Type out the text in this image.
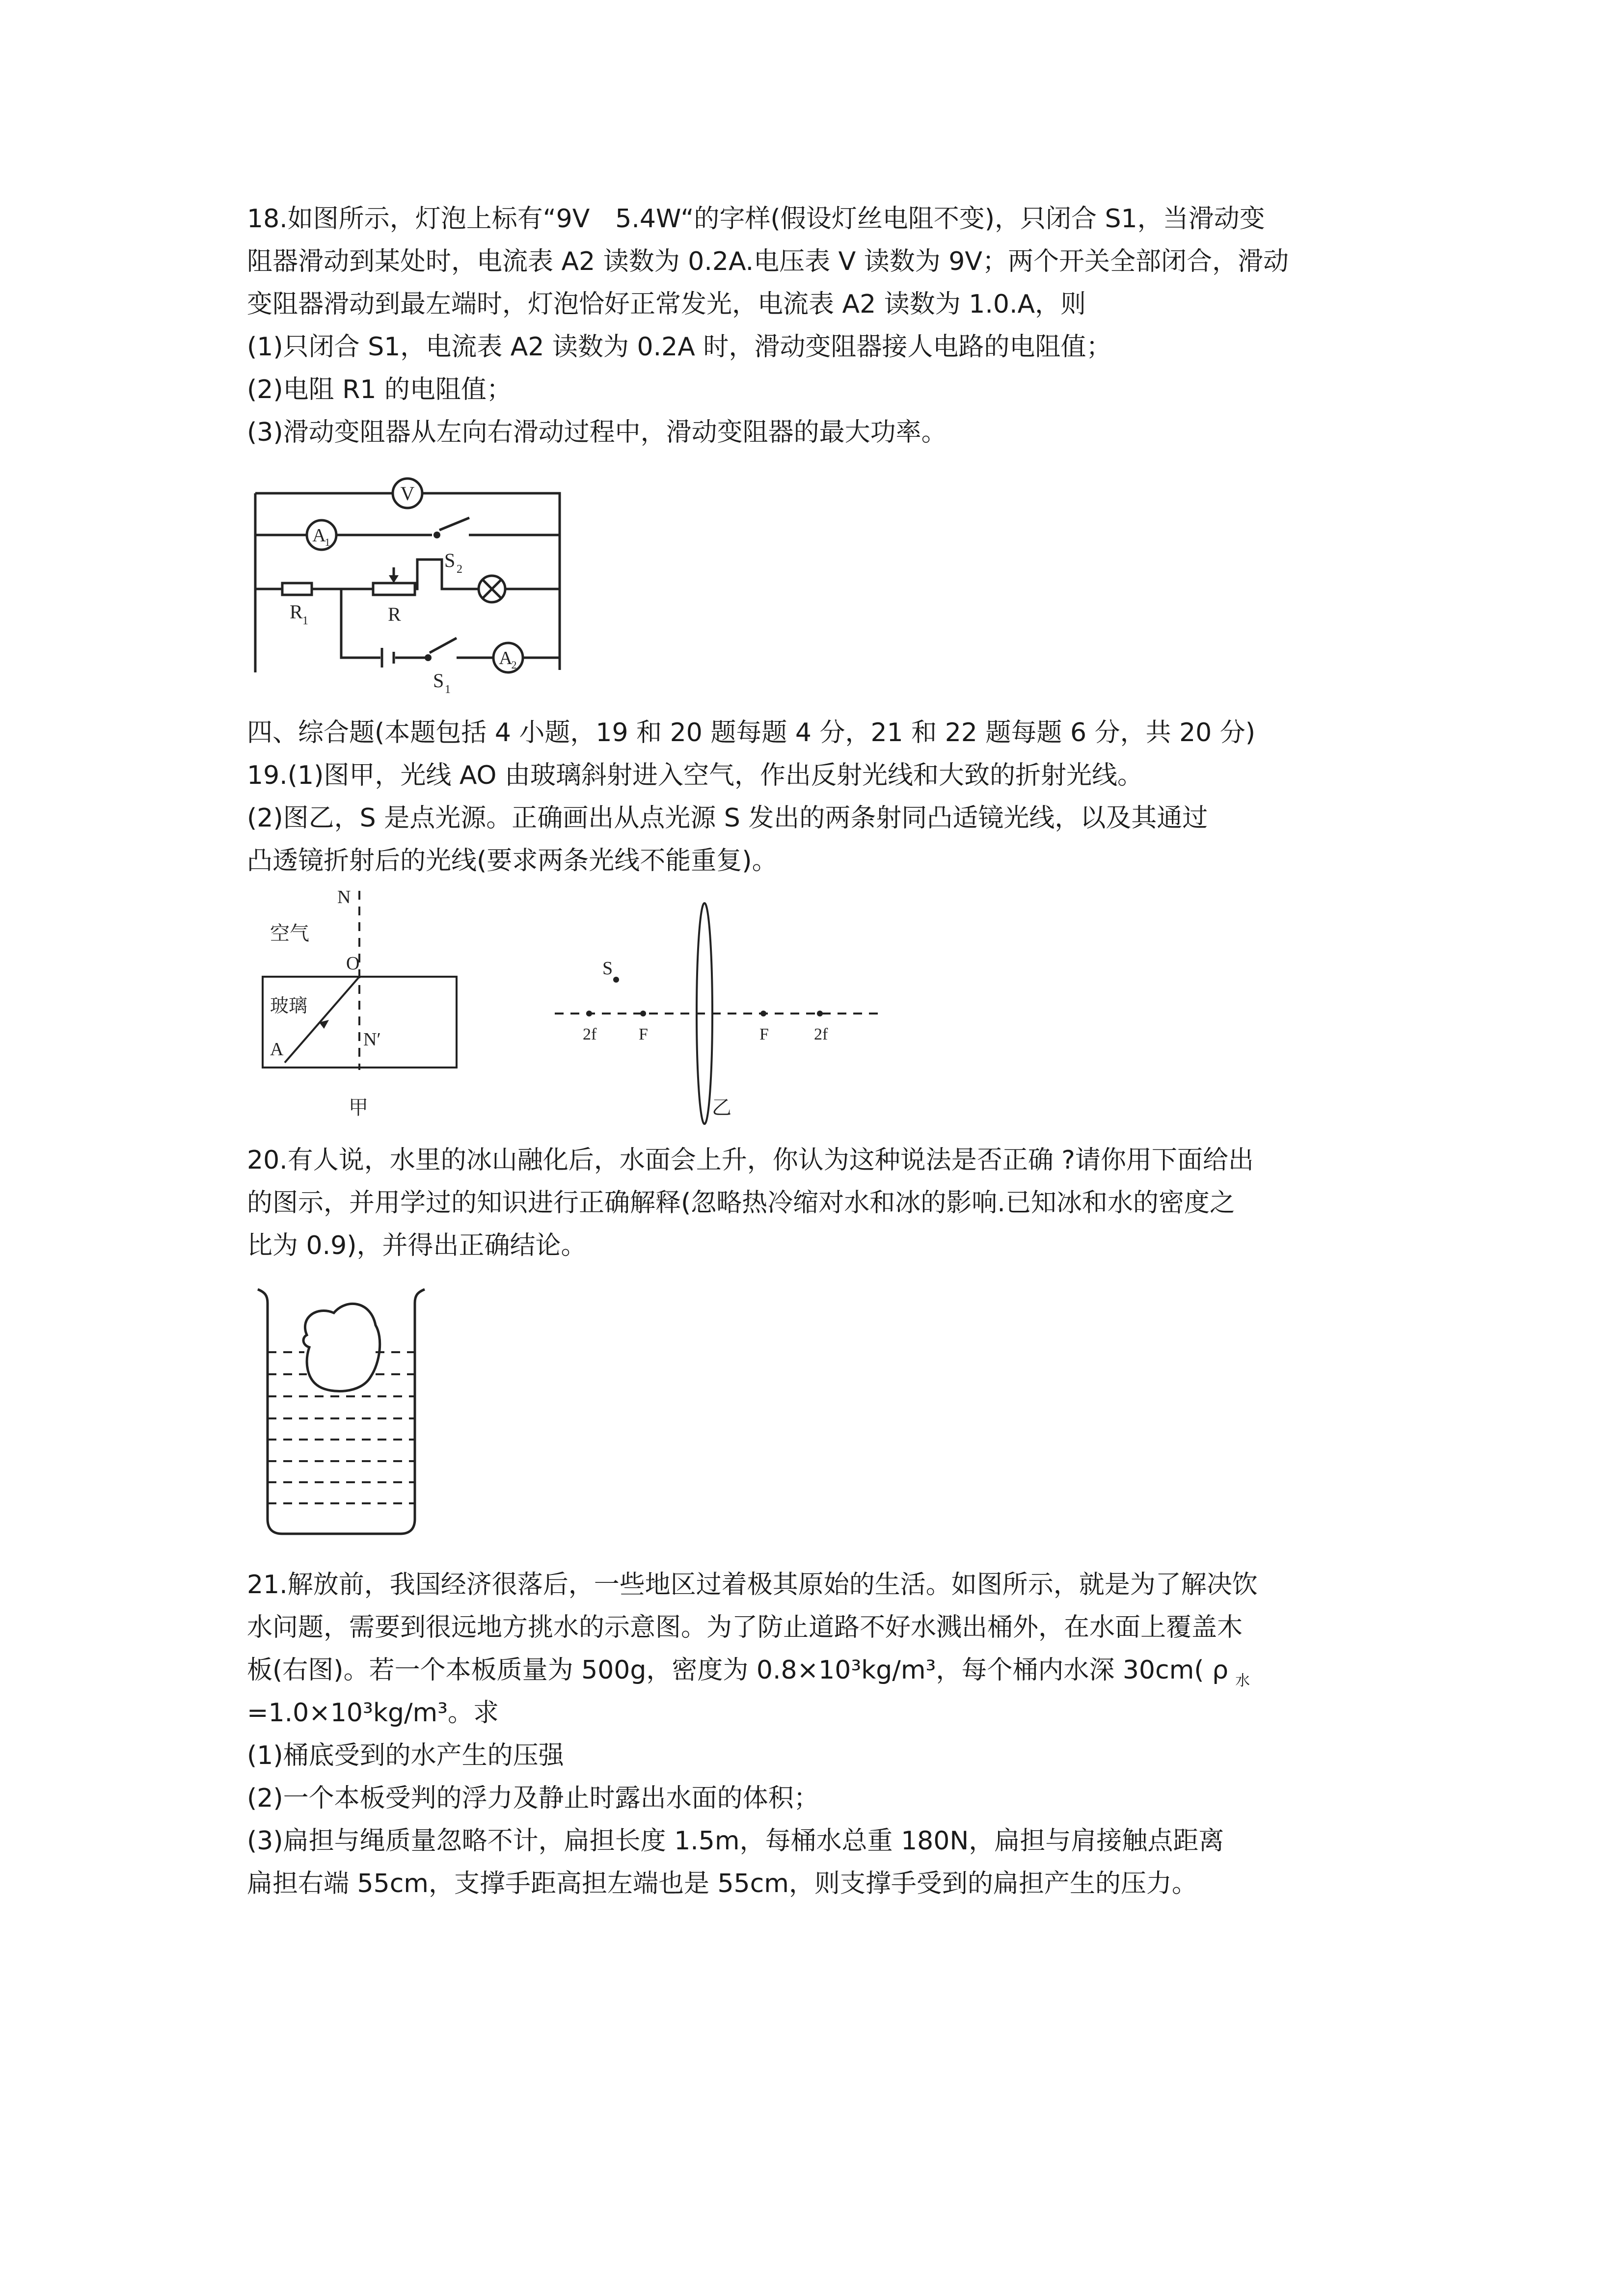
18.如图所示，灯泡上标有“9V　5.4W“的字样(假设灯丝电阻不变)，只闭合 S1，当滑动变
阻器滑动到某处时，电流表 A2 读数为 0.2A.电压表 V 读数为 9V；两个开关全部闭合，滑动
变阻器滑动到最左端时，灯泡恰好正常发光，电流表 A2 读数为 1.0.A，则
(1)只闭合 S1，电流表 A2 读数为 0.2A 时，滑动变阻器接人电路的电阻值；
(2)电阻 R1 的电阻值；
(3)滑动变阻器从左向右滑动过程中，滑动变阻器的最大功率。
V
A
1
S 2
R 1	R
S 1
A
2
四、综合题(本题包括 4 小题，19 和 20 题每题 4 分，21 和 22 题每题 6 分，共 20 分)
19.(1)图甲，光线 AO 由玻璃斜射进入空气，作出反射光线和大致的折射光线。
(2)图乙，S 是点光源。正确画出从点光源 S 发出的两条射同凸适镜光线，以及其通过
凸透镜折射后的光线(要求两条光线不能重复)。
空气
N
O
玻璃
A	N′
甲
S
2f	F	F	2f
乙
20.有人说，水里的冰山融化后，水面会上升，你认为这种说法是否正确 ?请你用下面给出
的图示，并用学过的知识进行正确解释(忽略热冷缩对水和冰的影响.已知冰和水的密度之
比为 0.9)，并得出正确结论。
21.解放前，我国经济很落后，一些地区过着极其原始的生活。如图所示，就是为了解决饮
水问题，需要到很远地方挑水的示意图。为了防止道路不好水溅出桶外，在水面上覆盖木
板(右图)。若一个本板质量为 500g，密度为 0.8×10³kg/m³，每个桶内水深 30cm( ρ $_水$
=1.0×10³kg/m³。求
(1)桶底受到的水产生的压强
(2)一个本板受判的浮力及静止时露出水面的体积；
(3)扁担与绳质量忽略不计，扁担长度 1.5m，每桶水总重 180N，扁担与肩接触点距离
扁担右端 55cm，支撑手距高担左端也是 55cm，则支撑手受到的扁担产生的压力。
